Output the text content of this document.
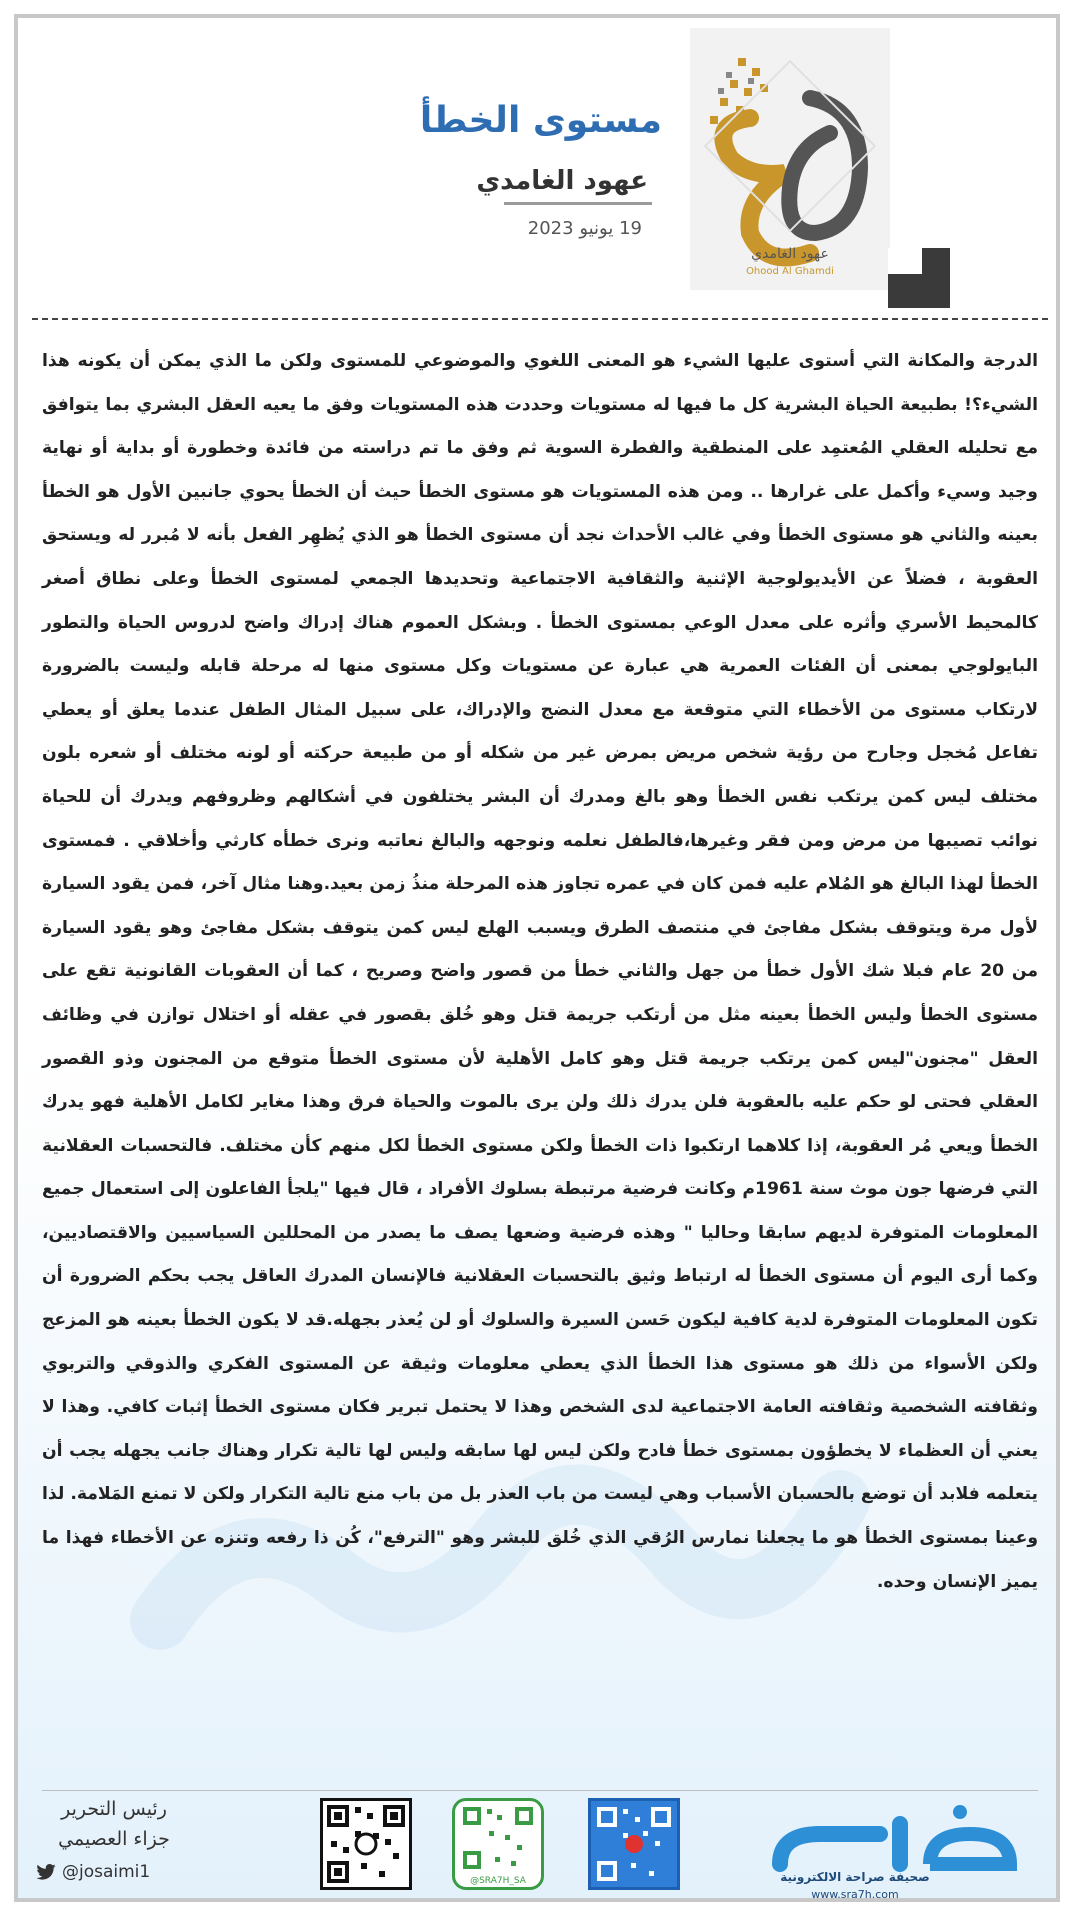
عهود الغامدي
Ohood Al Ghamdi
مستوى الخطأ
عهود الغامدي
19 يونيو 2023
الدرجة والمكانة التي أستوى عليها الشيء هو المعنى اللغوي والموضوعي للمستوى ولكن ما الذي يمكن أن يكونه هذا الشيء؟! بطبيعة الحياة البشرية كل ما فيها له مستويات وحددت هذه المستويات وفق ما يعيه العقل البشري بما يتوافق مع تحليله العقلي المُعتمِد على المنطقية والفطرة السوية ثم وفق ما تم دراسته من فائدة وخطورة أو بداية أو نهاية وجيد وسيء وأكمل على غرارها .. ومن هذه المستويات هو مستوى الخطأ حيث أن الخطأ يحوي جانبين الأول هو الخطأ بعينه والثاني هو مستوى الخطأ وفي غالب الأحداث نجد أن مستوى الخطأ هو الذي يُظهِر الفعل بأنه لا مُبرر له ويستحق العقوبة ، فضلاً عن الأيديولوجية الإثنية والثقافية الاجتماعية وتحديدها الجمعي لمستوى الخطأ وعلى نطاق أصغر كالمحيط الأسري وأثره على معدل الوعي بمستوى الخطأ . وبشكل العموم هناك إدراك واضح لدروس الحياة والتطور البايولوجي بمعنى أن الفئات العمرية هي عبارة عن مستويات وكل مستوى منها له مرحلة قابله وليست بالضرورة لارتكاب مستوى من الأخطاء التي متوقعة مع معدل النضج والإدراك، على سبيل المثال الطفل عندما يعلق أو يعطي تفاعل مُخجل وجارح من رؤية شخص مريض بمرض غير من شكله أو من طبيعة حركته أو لونه مختلف أو شعره بلون مختلف ليس كمن يرتكب نفس الخطأ وهو بالغ ومدرك أن البشر يختلفون في أشكالهم وظروفهم ويدرك أن للحياة نوائب تصيبها من مرض ومن فقر وغيرها،فالطفل نعلمه ونوجهه والبالغ نعاتبه ونرى خطأه كارثي وأخلاقي . فمستوى الخطأ لهذا البالغ هو المُلام عليه فمن كان في عمره تجاوز هذه المرحلة منذُ زمن بعيد.وهنا مثال آخر، فمن يقود السيارة لأول مرة ويتوقف بشكل مفاجئ في منتصف الطرق ويسبب الهلع ليس كمن يتوقف بشكل مفاجئ وهو يقود السيارة من 20 عام فبلا شك الأول خطأ من جهل والثاني خطأ من قصور واضح وصريح ، كما أن العقوبات القانونية تقع على مستوى الخطأ وليس الخطأ بعينه مثل من أرتكب جريمة قتل وهو خُلق بقصور في عقله أو اختلال توازن في وظائف العقل "مجنون"ليس كمن يرتكب جريمة قتل وهو كامل الأهلية لأن مستوى الخطأ متوقع من المجنون وذو القصور العقلي فحتى لو حكم عليه بالعقوبة فلن يدرك ذلك ولن يرى بالموت والحياة فرق وهذا مغاير لكامل الأهلية فهو يدرك الخطأ ويعي مُر العقوبة، إذا كلاهما ارتكبوا ذات الخطأ ولكن مستوى الخطأ لكل منهم كأن مختلف. فالتحسبات العقلانية التي فرضها جون موث سنة 1961م وكانت فرضية مرتبطة بسلوك الأفراد ، قال فيها "يلجأ الفاعلون إلى استعمال جميع المعلومات المتوفرة لديهم سابقا وحاليا " وهذه فرضية وضعها يصف ما يصدر من المحللين السياسيين والاقتصاديين، وكما أرى اليوم أن مستوى الخطأ له ارتباط وثيق بالتحسبات العقلانية فالإنسان المدرك العاقل يجب بحكم الضرورة أن تكون المعلومات المتوفرة لدية كافية ليكون حَسن السيرة والسلوك أو لن يُعذر بجهله.قد لا يكون الخطأ بعينه هو المزعج ولكن الأسواء من ذلك هو مستوى هذا الخطأ الذي يعطي معلومات وثيقة عن المستوى الفكري والذوقي والتربوي وثقافته الشخصية وثقافته العامة الاجتماعية لدى الشخص وهذا لا يحتمل تبرير فكان مستوى الخطأ إثبات كافي. وهذا لا يعني أن العظماء لا يخطؤون بمستوى خطأ فادح ولكن ليس لها سابقه وليس لها تالية تكرار وهناك جانب يجهله يجب أن يتعلمه فلابد أن توضع بالحسبان الأسباب وهي ليست من باب العذر بل من باب منع تالية التكرار ولكن لا تمنع المَلامة. لذا وعينا بمستوى الخطأ هو ما يجعلنا نمارس الرُقي الذي خُلق للبشر وهو "الترفع"، كُن ذا رفعه وتنزه عن الأخطاء فهذا ما يميز الإنسان وحده.
رئيس التحرير
جزاء العصيمي
@josaimi1	@SRA7H_SA	صحيفة صراحة الالكترونية
www.sra7h.com
